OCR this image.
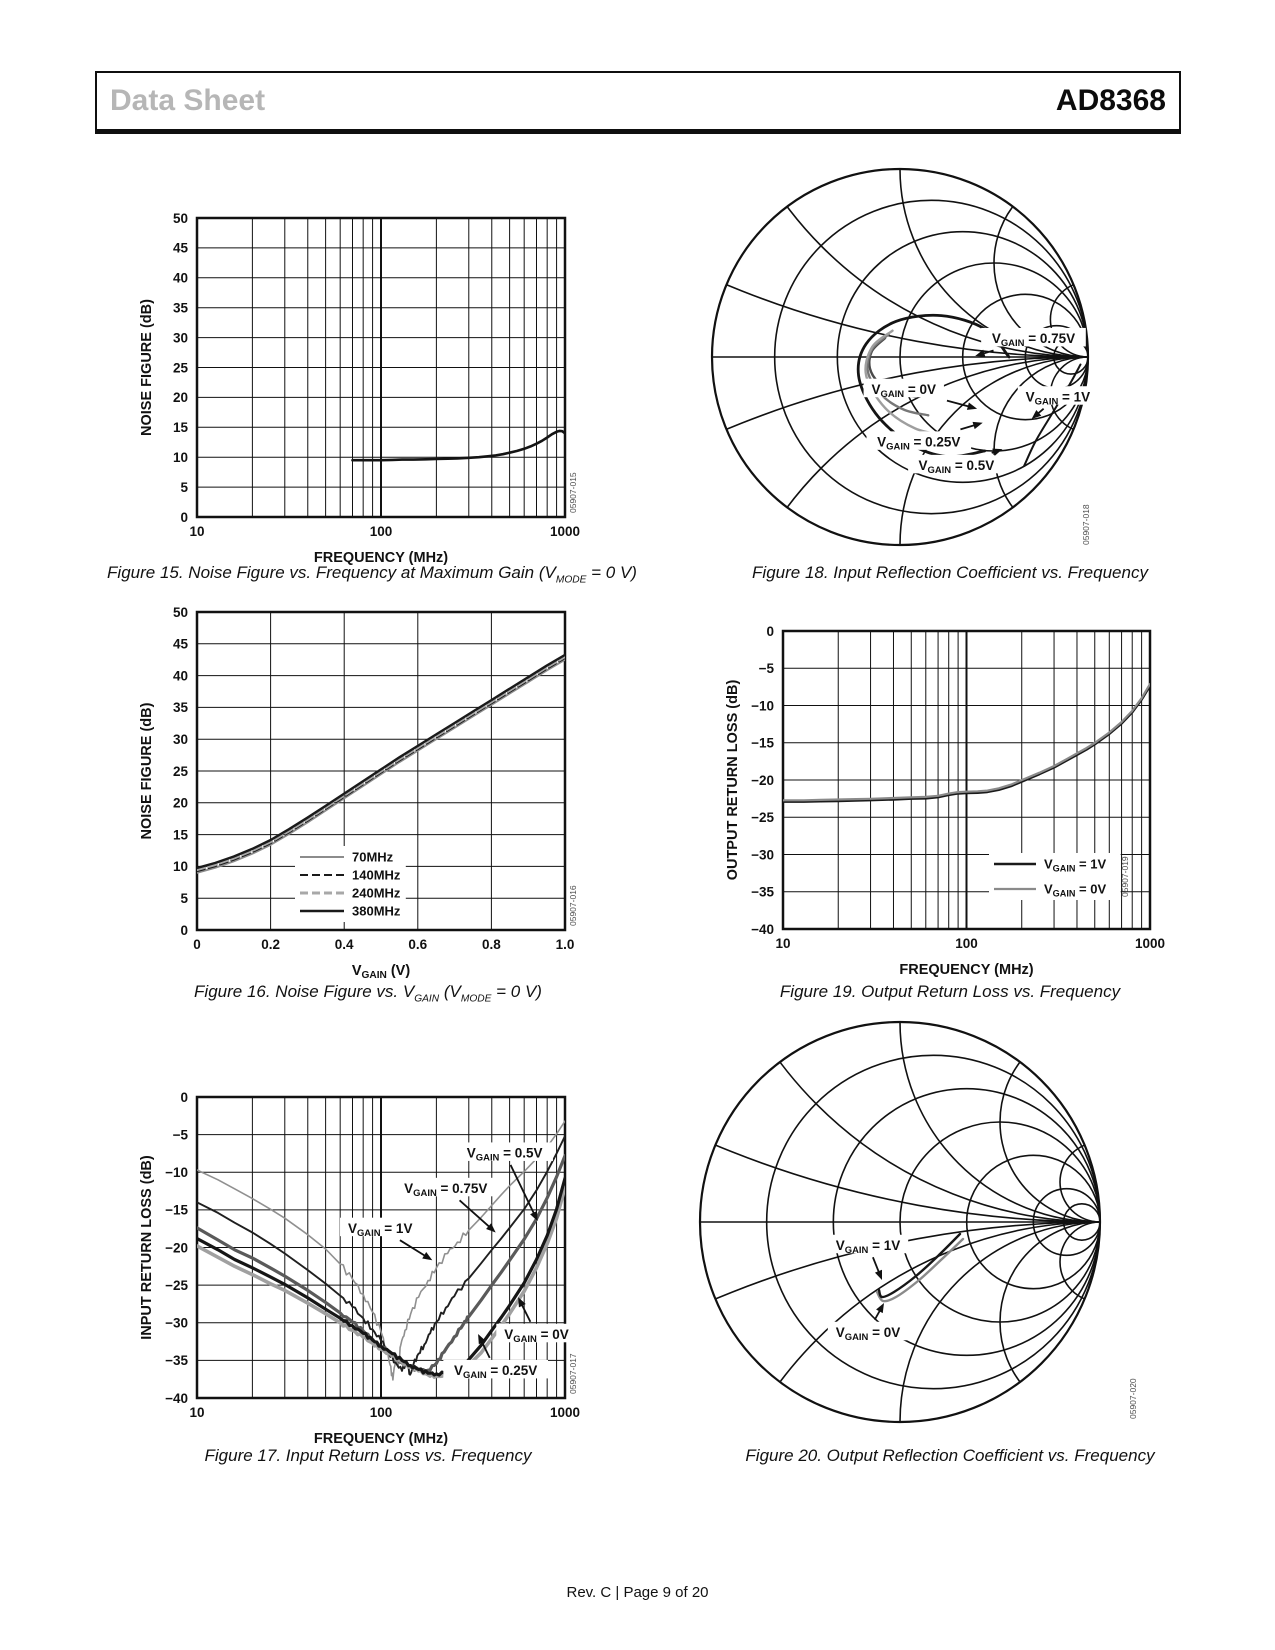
Data Sheet	AD8368
0
5
10
15
20
25
30
35
40
45
50
10	100	1000
FREQUENCY (MHz)
NOISE FIGURE (dB)
05907-015
$V_{GAIN} = 0.75V$
$V_{GAIN} = 0V$
$V_{GAIN} = 1V$
$V_{GAIN} = 0.25V$
$V_{GAIN} = 0.5V$
05907-018
0
5
10
15
20
25
30
35
40
45
50
0	0.2	0.4	0.6	0.8	1.0
$V_{GAIN}$ (V)
NOISE FIGURE (dB)
70MHz
140MHz
240MHz
380MHz	05907-016
−40
−35
−30
−25
−20
−15
−10
−5
0
10	100	1000
FREQUENCY (MHz)
OUTPUT RETURN LOSS (dB)	$V_{GAIN} = 1V$
$V_{GAIN} = 0V$ 05907-019
−40
−35
−30
−25
−20
−15
−10
−5
0
10	100	1000
FREQUENCY (MHz)
INPUT RETURN LOSS (dB)
$V_{GAIN} = 0.5V$
$V_{GAIN} = 0.75V$
$V_{GAIN} = 1V$
$V_{GAIN} = 0V$
$V_{GAIN} = 0.25V$	05907-017
$V_{GAIN} = 1V$
$V_{GAIN} = 0V$
05907-020
Figure 15. Noise Figure vs. Frequency at Maximum Gain ($V_{MODE} = 0$ V)	Figure 18. Input Reflection Coefficient vs. Frequency
Figure 16. Noise Figure vs. $V_{GAIN}$ ($V_{MODE} = 0$ V)	Figure 19. Output Return Loss vs. Frequency
Figure 17. Input Return Loss vs. Frequency	Figure 20. Output Reflection Coefficient vs. Frequency
Rev. C | Page 9 of 20
